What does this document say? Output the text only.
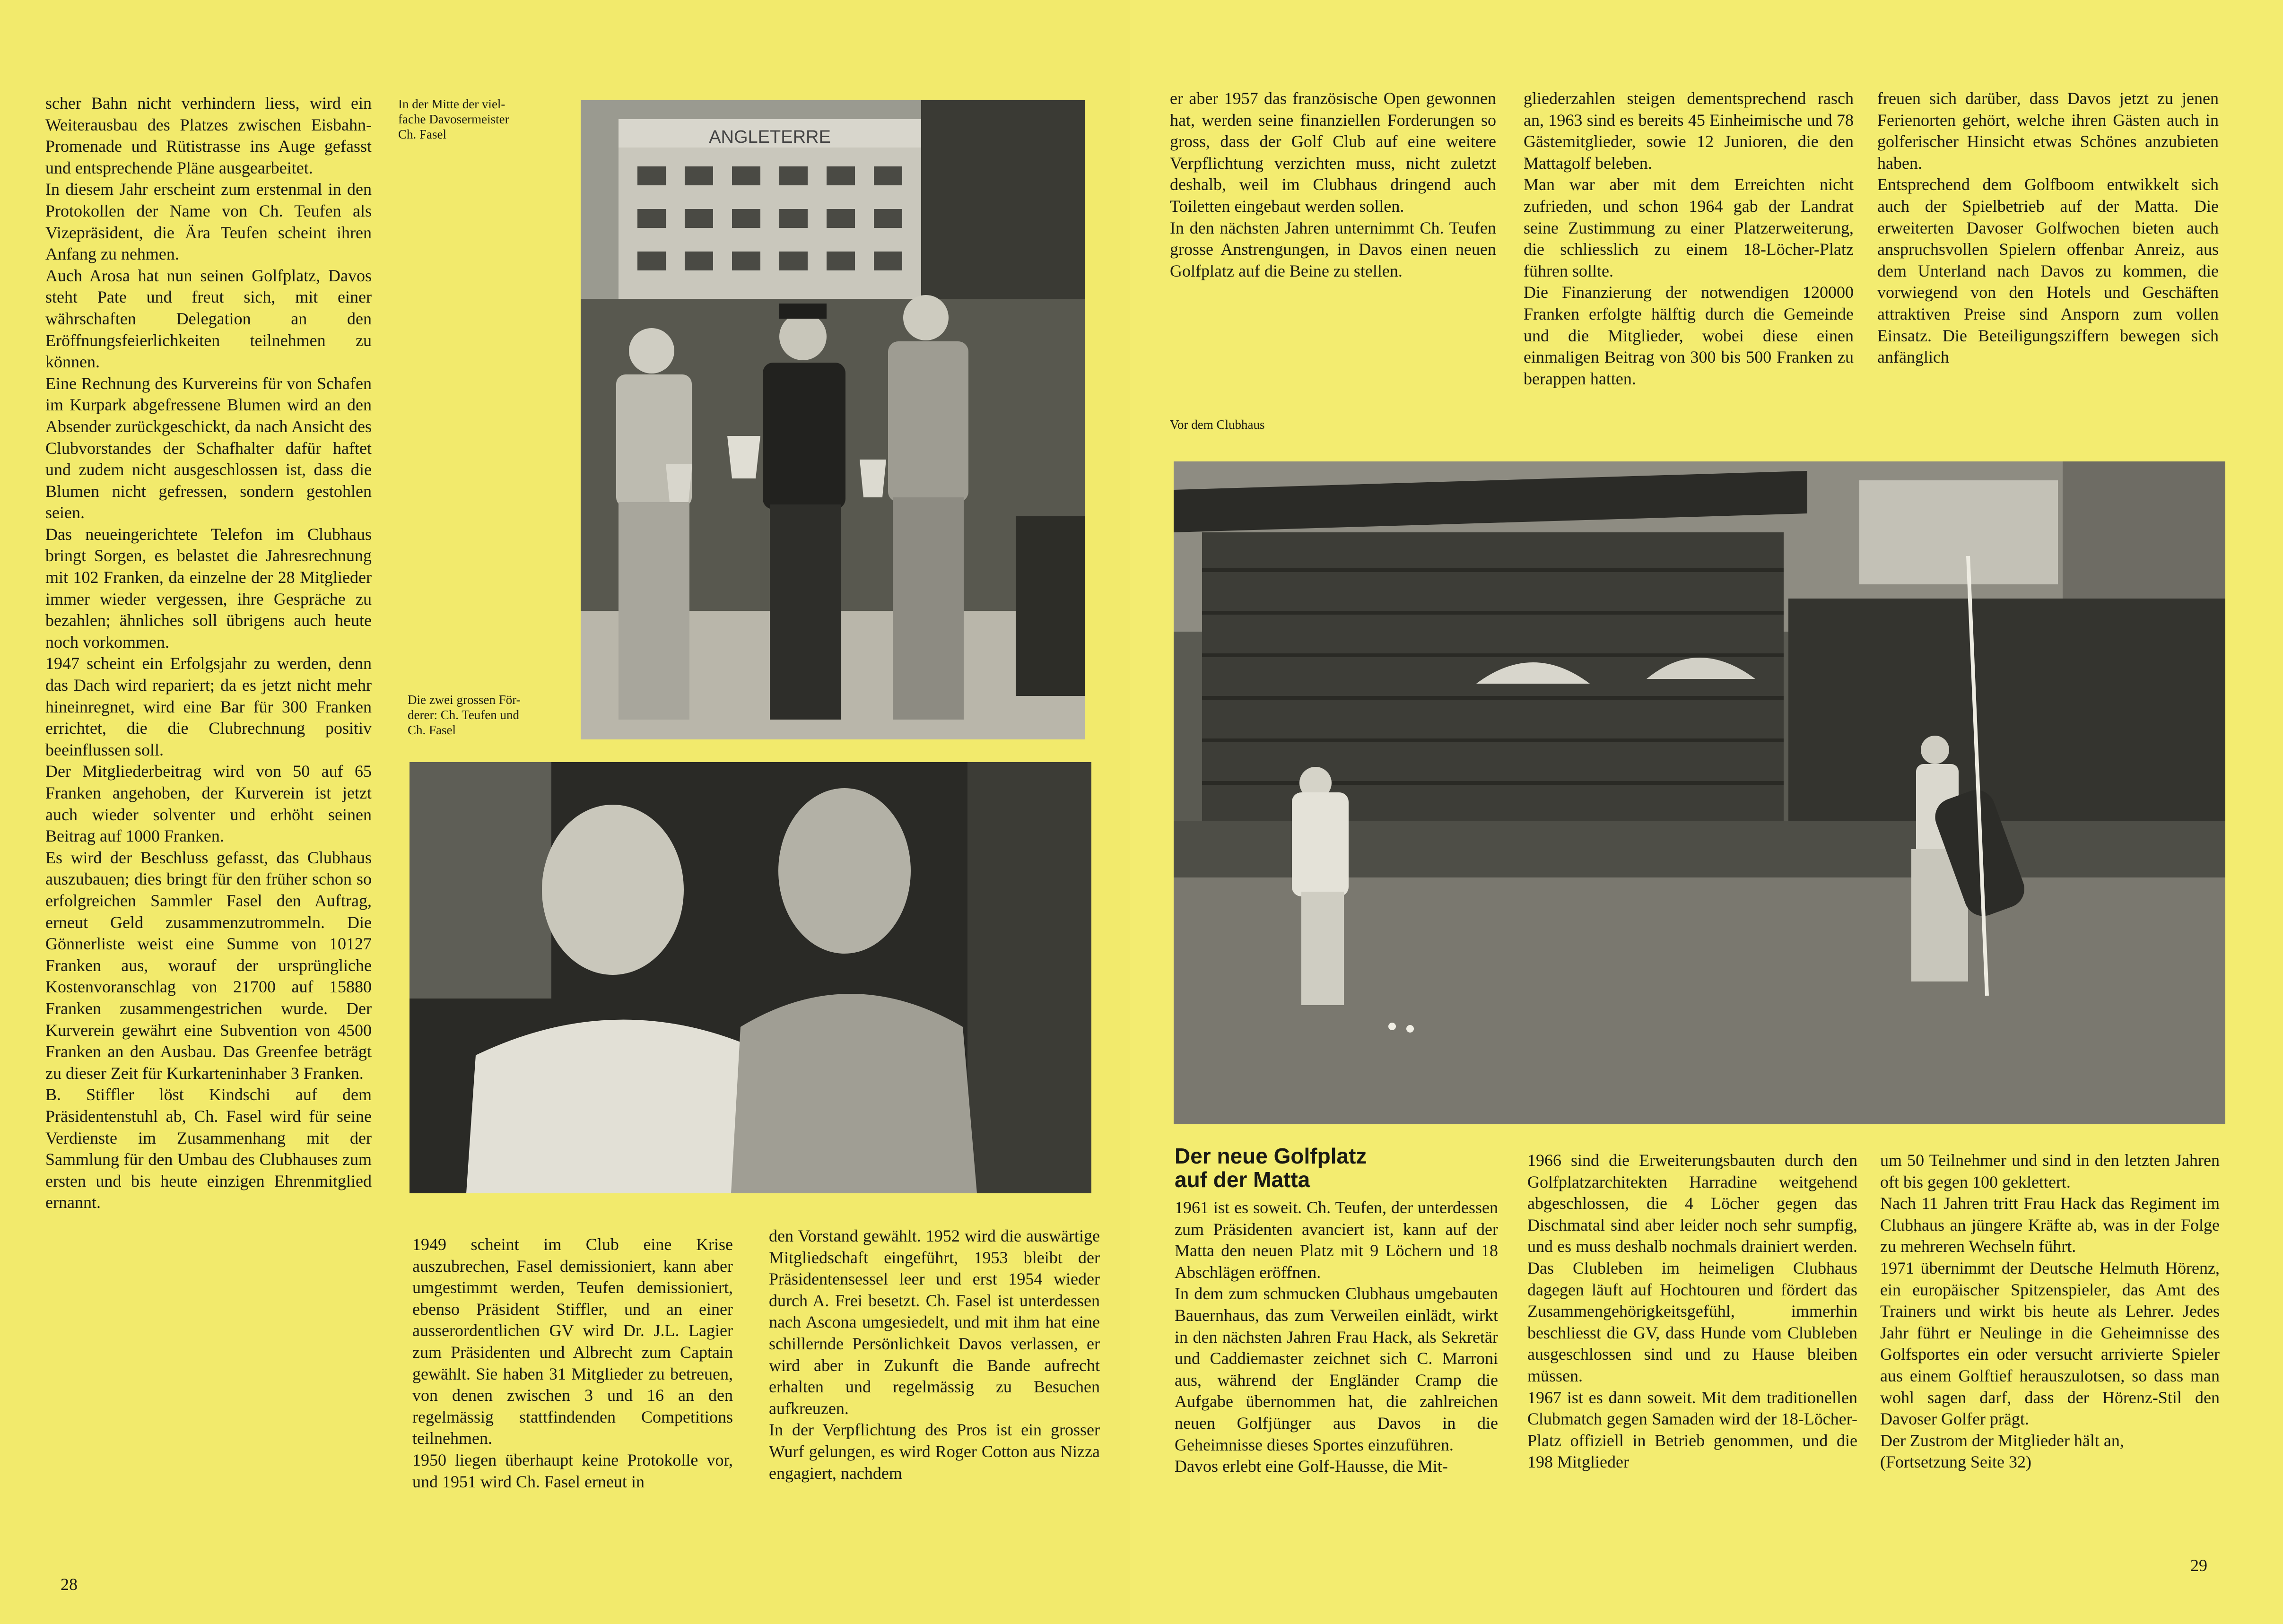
scher Bahn nicht verhindern liess, wird ein Weiterausbau des Platzes zwischen Eisbahn-Promenade und Rütistrasse ins Auge gefasst und entsprechende Pläne ausgearbeitet.

In diesem Jahr erscheint zum erstenmal in den Protokollen der Name von Ch. Teufen als Vizepräsident, die Ära Teufen scheint ihren Anfang zu nehmen.

Auch Arosa hat nun seinen Golfplatz, Davos steht Pate und freut sich, mit einer währschaften Delegation an den Eröffnungsfeierlichkeiten teilnehmen zu können.

Eine Rechnung des Kurvereins für von Schafen im Kurpark abgefressene Blumen wird an den Absender zurückgeschickt, da nach Ansicht des Clubvorstandes der Schafhalter dafür haftet und zudem nicht ausgeschlossen ist, dass die Blumen nicht gefressen, sondern gestohlen seien.

Das neueingerichtete Telefon im Clubhaus bringt Sorgen, es belastet die Jahresrechnung mit 102 Franken, da einzelne der 28 Mitglieder immer wieder vergessen, ihre Gespräche zu bezahlen; ähnliches soll übrigens auch heute noch vorkommen.

1947 scheint ein Erfolgsjahr zu werden, denn das Dach wird repariert; da es jetzt nicht mehr hineinregnet, wird eine Bar für 300 Franken errichtet, die die Clubrechnung positiv beeinflussen soll.

Der Mitgliederbeitrag wird von 50 auf 65 Franken angehoben, der Kurverein ist jetzt auch wieder solventer und erhöht seinen Beitrag auf 1000 Franken.

Es wird der Beschluss gefasst, das Clubhaus auszubauen; dies bringt für den früher schon so erfolgreichen Sammler Fasel den Auftrag, erneut Geld zusammenzutrommeln. Die Gönnerliste weist eine Summe von 10127 Franken aus, worauf der ursprüngliche Kostenvoranschlag von 21700 auf 15880 Franken zusammengestrichen wurde. Der Kurverein gewährt eine Subvention von 4500 Franken an den Ausbau. Das Greenfee beträgt zu dieser Zeit für Kurkarteninhaber 3 Franken.

B. Stiffler löst Kindschi auf dem Präsidentenstuhl ab, Ch. Fasel wird für seine Verdienste im Zusammenhang mit der Sammlung für den Umbau des Clubhauses zum ersten und bis heute einzigen Ehrenmitglied ernannt.

In der Mitte der viel-
fache Davosermeister
Ch. Fasel
Die zwei grossen För-
derer: Ch. Teufen und
Ch. Fasel
ANGLETERRE

1949 scheint im Club eine Krise auszubrechen, Fasel demissioniert, kann aber umgestimmt werden, Teufen demissioniert, ebenso Präsident Stiffler, und an einer ausserordentlichen GV wird Dr. J.L. Lagier zum Präsidenten und Albrecht zum Captain gewählt. Sie haben 31 Mitglieder zu betreuen, von denen zwischen 3 und 16 an den regelmässig stattfindenden Competitions teilnehmen.

1950 liegen überhaupt keine Protokolle vor, und 1951 wird Ch. Fasel erneut in

den Vorstand gewählt. 1952 wird die auswärtige Mitgliedschaft eingeführt, 1953 bleibt der Präsidentensessel leer und erst 1954 wieder durch A. Frei besetzt. Ch. Fasel ist unterdessen nach Ascona umgesiedelt, und mit ihm hat eine schillernde Persönlichkeit Davos verlassen, er wird aber in Zukunft die Bande aufrecht erhalten und regelmässig zu Besuchen aufkreuzen.

In der Verpflichtung des Pros ist ein grosser Wurf gelungen, es wird Roger Cotton aus Nizza engagiert, nachdem

28

er aber 1957 das französische Open gewonnen hat, werden seine finanziellen Forderungen so gross, dass der Golf Club auf eine weitere Verpflichtung verzichten muss, nicht zuletzt deshalb, weil im Clubhaus dringend auch Toiletten eingebaut werden sollen.

In den nächsten Jahren unternimmt Ch. Teufen grosse Anstrengungen, in Davos einen neuen Golfplatz auf die Beine zu stellen.

Vor dem Clubhaus

gliederzahlen steigen dementsprechend rasch an, 1963 sind es bereits 45 Einheimische und 78 Gästemitglieder, sowie 12 Junioren, die den Mattagolf beleben.

Man war aber mit dem Erreichten nicht zufrieden, und schon 1964 gab der Landrat seine Zustimmung zu einer Platzerweiterung, die schliesslich zu einem 18-Löcher-Platz führen sollte.

Die Finanzierung der notwendigen 120000 Franken erfolgte hälftig durch die Gemeinde und die Mitglieder, wobei diese einen einmaligen Beitrag von 300 bis 500 Franken zu berappen hatten.

freuen sich darüber, dass Davos jetzt zu jenen Ferienorten gehört, welche ihren Gästen auch in golferischer Hinsicht etwas Schönes anzubieten haben.

Entsprechend dem Golfboom entwikkelt sich auch der Spielbetrieb auf der Matta. Die erweiterten Davoser Golfwochen bieten auch anspruchsvollen Spielern offenbar Anreiz, aus dem Unterland nach Davos zu kommen, die vorwiegend von den Hotels und Geschäften attraktiven Preise sind Ansporn zum vollen Einsatz. Die Beteiligungsziffern bewegen sich anfänglich

Der neue Golfplatz
auf der Matta

1961 ist es soweit. Ch. Teufen, der unterdessen zum Präsidenten avanciert ist, kann auf der Matta den neuen Platz mit 9 Löchern und 18 Abschlägen eröffnen.

In dem zum schmucken Clubhaus umgebauten Bauernhaus, das zum Verweilen einlädt, wirkt in den nächsten Jahren Frau Hack, als Sekretär und Caddiemaster zeichnet sich C. Marroni aus, während der Engländer Cramp die Aufgabe übernommen hat, die zahlreichen neuen Golfjünger aus Davos in die Geheimnisse dieses Sportes einzuführen.

Davos erlebt eine Golf-Hausse, die Mit-

1966 sind die Erweiterungsbauten durch den Golfplatzarchitekten Harradine weitgehend abgeschlossen, die 4 Löcher gegen das Dischmatal sind aber leider noch sehr sumpfig, und es muss deshalb nochmals drainiert werden. Das Clubleben im heimeligen Clubhaus dagegen läuft auf Hochtouren und fördert das Zusammengehörigkeitsgefühl, immerhin beschliesst die GV, dass Hunde vom Clubleben ausgeschlossen sind und zu Hause bleiben müssen.

1967 ist es dann soweit. Mit dem traditionellen Clubmatch gegen Samaden wird der 18-Löcher-Platz offiziell in Betrieb genommen, und die 198 Mitglieder

um 50 Teilnehmer und sind in den letzten Jahren oft bis gegen 100 geklettert.

Nach 11 Jahren tritt Frau Hack das Regiment im Clubhaus an jüngere Kräfte ab, was in der Folge zu mehreren Wechseln führt.

1971 übernimmt der Deutsche Helmuth Hörenz, ein europäischer Spitzenspieler, das Amt des Trainers und wirkt bis heute als Lehrer. Jedes Jahr führt er Neulinge in die Geheimnisse des Golfsportes ein oder versucht arrivierte Spieler aus einem Golftief herauszulotsen, so dass man wohl sagen darf, dass der Hörenz-Stil den Davoser Golfer prägt.

Der Zustrom der Mitglieder hält an,

(Fortsetzung Seite 32)

29
